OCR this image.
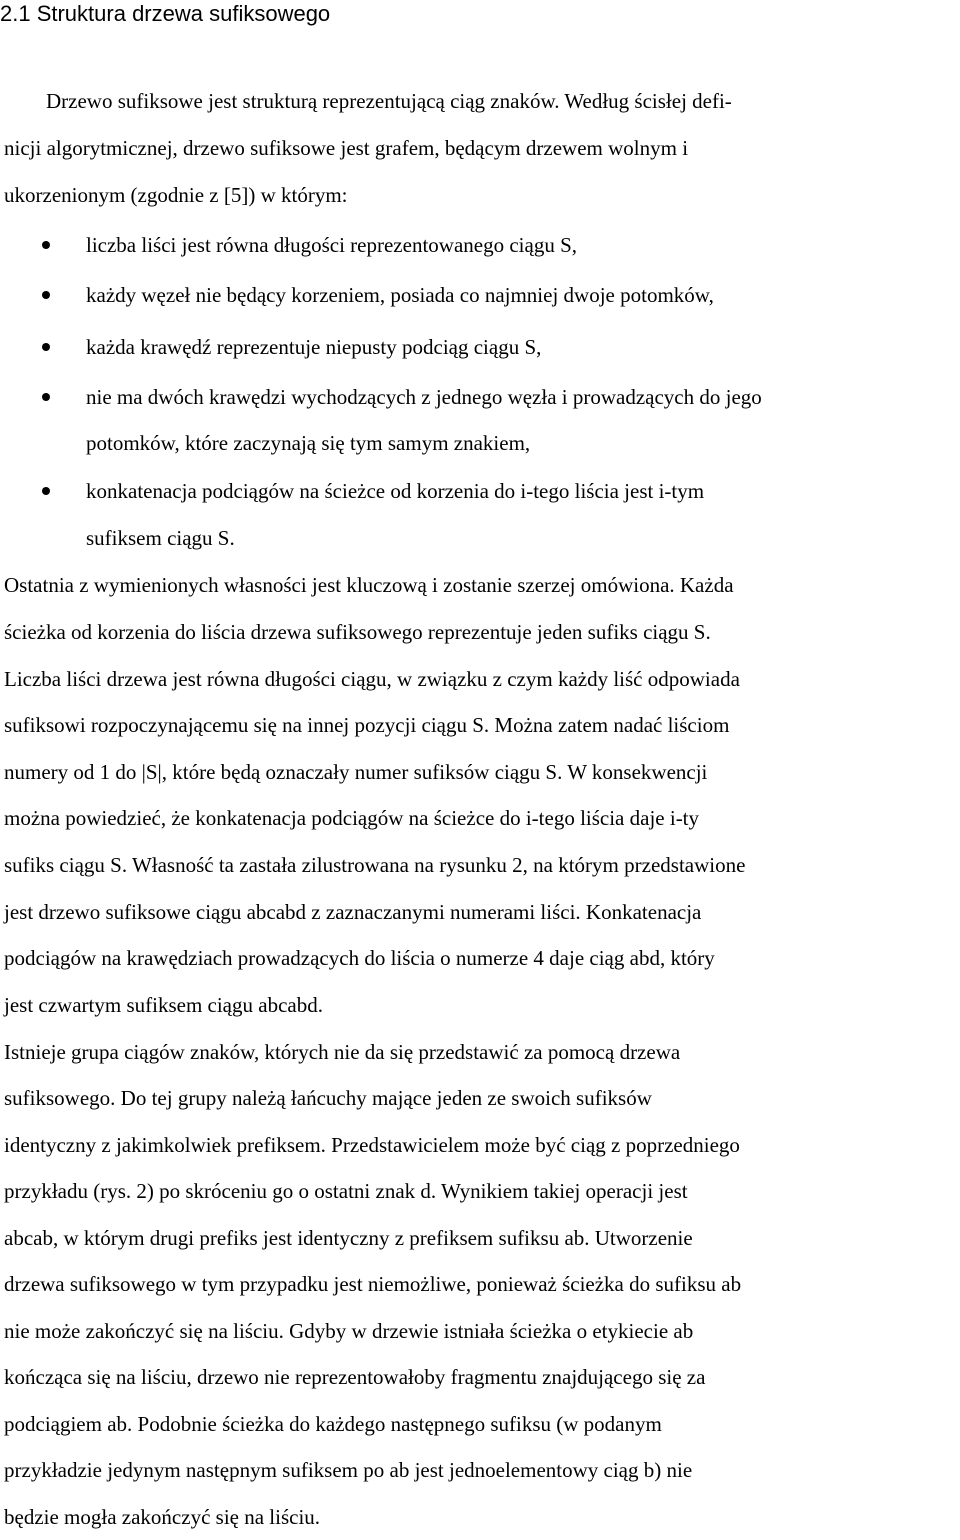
2.1 Struktura drzewa sufiksowego
Drzewo sufiksowe jest strukturą reprezentującą ciąg znaków. Według ścisłej defi-
nicji algorytmicznej, drzewo sufiksowe jest grafem, będącym drzewem wolnym i
ukorzenionym (zgodnie z [5]) w którym:
liczba liści jest równa długości reprezentowanego ciągu S,
każdy węzeł nie będący korzeniem, posiada co najmniej dwoje potomków,
każda krawędź reprezentuje niepusty podciąg ciągu S,
nie ma dwóch krawędzi wychodzących z jednego węzła i prowadzących do jego
potomków, które zaczynają się tym samym znakiem,
konkatenacja podciągów na ścieżce od korzenia do i-tego liścia jest i-tym
sufiksem ciągu S.
Ostatnia z wymienionych własności jest kluczową i zostanie szerzej omówiona. Każda
ścieżka od korzenia do liścia drzewa sufiksowego reprezentuje jeden sufiks ciągu S.
Liczba liści drzewa jest równa długości ciągu, w związku z czym każdy liść odpowiada
sufiksowi rozpoczynającemu się na innej pozycji ciągu S. Można zatem nadać liściom
numery od 1 do |S|, które będą oznaczały numer sufiksów ciągu S. W konsekwencji
można powiedzieć, że konkatenacja podciągów na ścieżce do i-tego liścia daje i-ty
sufiks ciągu S. Własność ta zastała zilustrowana na rysunku 2, na którym przedstawione
jest drzewo sufiksowe ciągu abcabd z zaznaczanymi numerami liści. Konkatenacja
podciągów na krawędziach prowadzących do liścia o numerze 4 daje ciąg abd, który
jest czwartym sufiksem ciągu abcabd.
Istnieje grupa ciągów znaków, których nie da się przedstawić za pomocą drzewa
sufiksowego. Do tej grupy należą łańcuchy mające jeden ze swoich sufiksów
identyczny z jakimkolwiek prefiksem. Przedstawicielem może być ciąg z poprzedniego
przykładu (rys. 2) po skróceniu go o ostatni znak d. Wynikiem takiej operacji jest
abcab, w którym drugi prefiks jest identyczny z prefiksem sufiksu ab. Utworzenie
drzewa sufiksowego w tym przypadku jest niemożliwe, ponieważ ścieżka do sufiksu ab
nie może zakończyć się na liściu. Gdyby w drzewie istniała ścieżka o etykiecie ab
kończąca się na liściu, drzewo nie reprezentowałoby fragmentu znajdującego się za
podciągiem ab. Podobnie ścieżka do każdego następnego sufiksu (w podanym
przykładzie jedynym następnym sufiksem po ab jest jednoelementowy ciąg b) nie
będzie mogła zakończyć się na liściu.
